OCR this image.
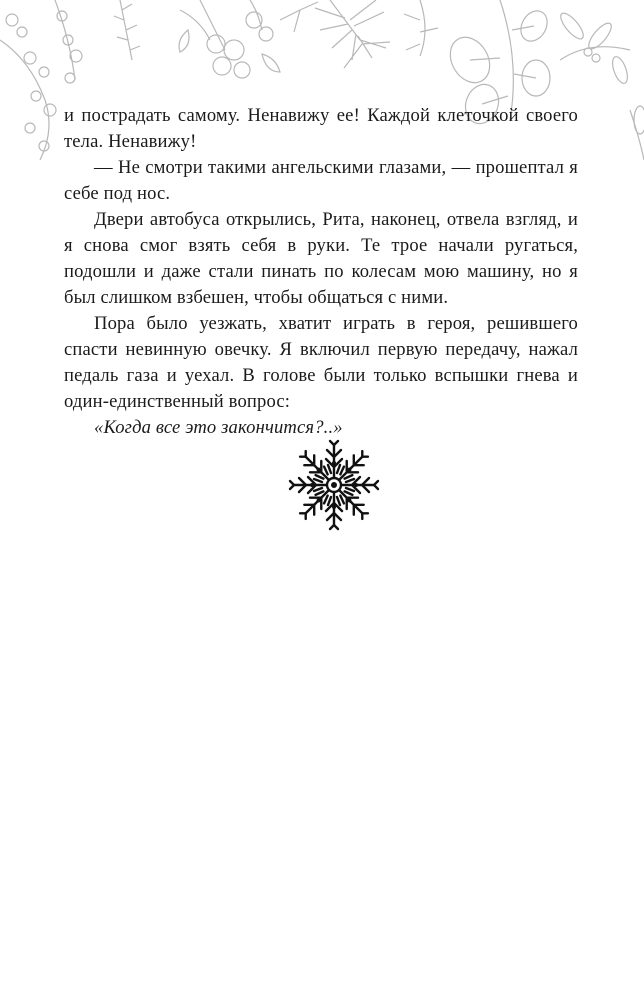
и пострадать самому. Ненавижу ее! Каждой клеточкой своего тела. Ненавижу!

— Не смотри такими ангельскими глазами, — прошептал я себе под нос.

Двери автобуса открылись, Рита, наконец, отвела взгляд, и я снова смог взять себя в руки. Те трое начали ругаться, подошли и даже стали пинать по колесам мою машину, но я был слишком взбешен, чтобы общаться с ними.

Пора было уезжать, хватит играть в героя, решившего спасти невинную овечку. Я включил первую передачу, нажал педаль газа и уехал. В голове были только вспышки гнева и один-единственный вопрос:

«Когда все это закончится?..»
